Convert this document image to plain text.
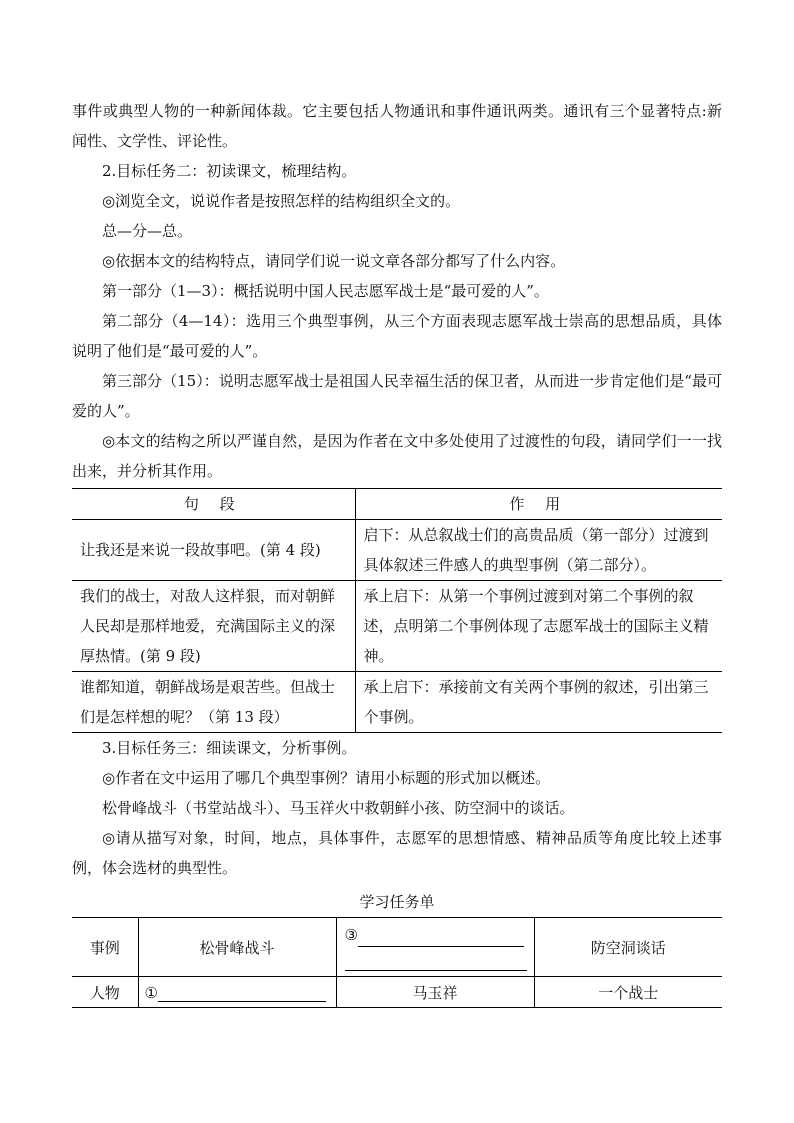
事件或典型人物的一种新闻体裁。它主要包括人物通讯和事件通讯两类。通讯有三个显著特点:新闻性、文学性、评论性。

2.目标任务二：初读课文，梳理结构。

◎浏览全文，说说作者是按照怎样的结构组织全文的。

总—分—总。

◎依据本文的结构特点，请同学们说一说文章各部分都写了什么内容。

第一部分（1—3）：概括说明中国人民志愿军战士是“最可爱的人”。

第二部分（4—14）：选用三个典型事例，从三个方面表现志愿军战士崇高的思想品质，具体说明了他们是“最可爱的人”。

第三部分（15）：说明志愿军战士是祖国人民幸福生活的保卫者，从而进一步肯定他们是“最可爱的人”。

◎本文的结构之所以严谨自然，是因为作者在文中多处使用了过渡性的句段，请同学们一一找出来，并分析其作用。

句 段	作 用
让我还是来说一段故事吧。(第 4 段)	启下：从总叙战士们的高贵品质（第一部分）过渡到具体叙述三件感人的典型事例（第二部分）。
我们的战士，对敌人这样狠，而对朝鲜人民却是那样地爱，充满国际主义的深厚热情。(第 9 段)	承上启下：从第一个事例过渡到对第二个事例的叙述，点明第二个事例体现了志愿军战士的国际主义精神。
谁都知道，朝鲜战场是艰苦些。但战士们是怎样想的呢？（第 13 段）	承上启下：承接前文有关两个事例的叙述，引出第三个事例。

3.目标任务三：细读课文，分析事例。

◎作者在文中运用了哪几个典型事例？请用小标题的形式加以概述。

松骨峰战斗（书堂站战斗）、马玉祥火中救朝鲜小孩、防空洞中的谈话。

◎请从描写对象，时间，地点，具体事件，志愿军的思想情感、精神品质等角度比较上述事例，体会选材的典型性。

学习任务单
事例	松骨峰战斗	③	防空洞谈话
人物	①	马玉祥	一个战士
